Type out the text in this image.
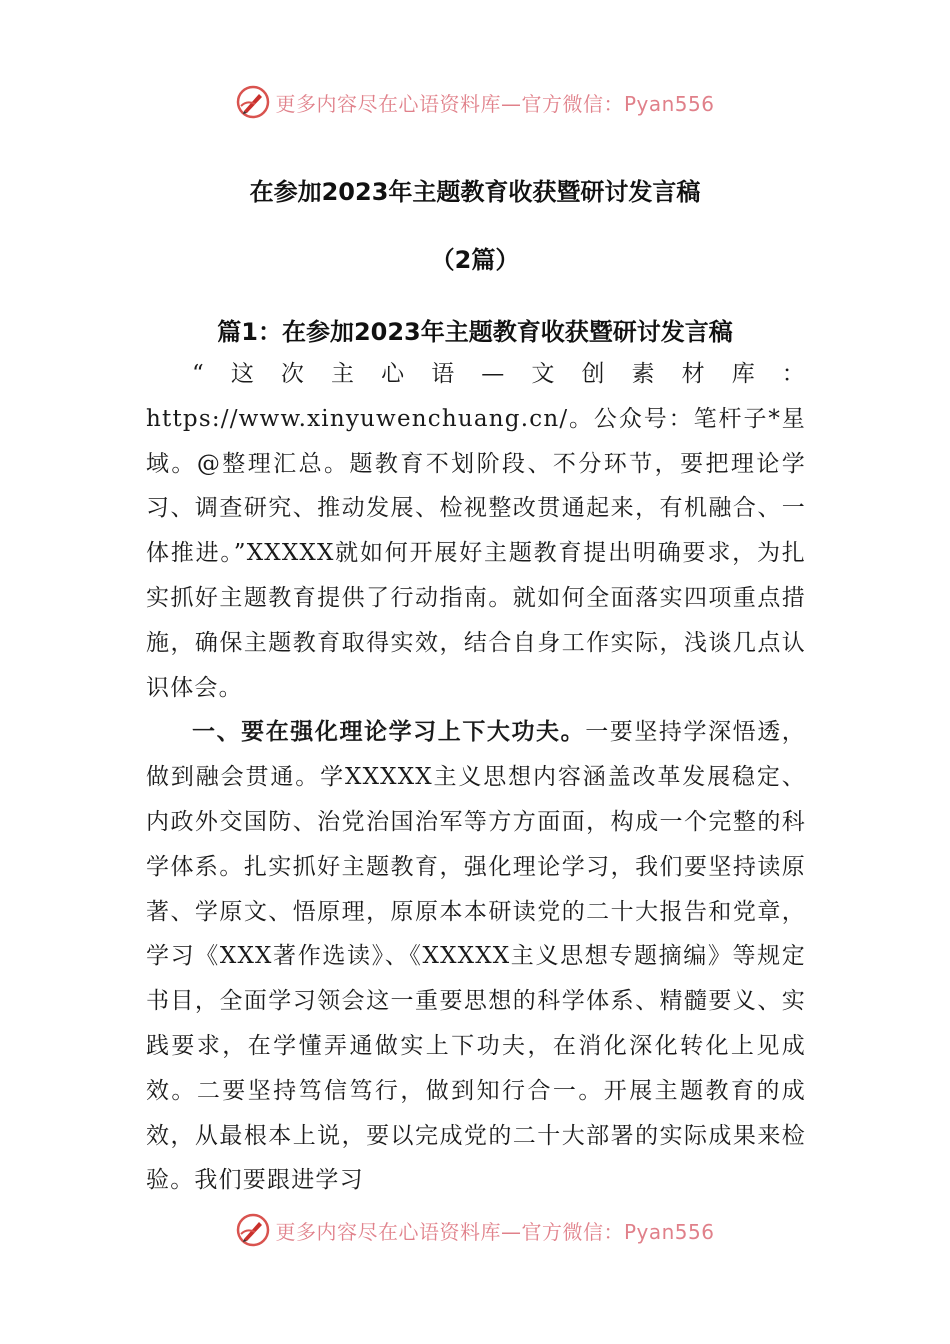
更多内容尽在心语资料库—官方微信：Pyan556
在参加2023年主题教育收获暨研讨发言稿
（2篇）
篇1：在参加2023年主题教育收获暨研讨发言稿

“这次主心语—文创素材库：https://www.xinyuwenchuang.cn/。公众号：笔杆子*星域。@整理汇总。题教育不划阶段、不分环节，要把理论学习、调查研究、推动发展、检视整改贯通起来，有机融合、一体推进。”XXXXX就如何开展好主题教育提出明确要求，为扎实抓好主题教育提供了行动指南。就如何全面落实四项重点措施，确保主题教育取得实效，结合自身工作实际，浅谈几点认识体会。

一、要在强化理论学习上下大功夫。一要坚持学深悟透，做到融会贯通。学XXXXX主义思想内容涵盖改革发展稳定、内政外交国防、治党治国治军等方方面面，构成一个完整的科学体系。扎实抓好主题教育，强化理论学习，我们要坚持读原著、学原文、悟原理，原原本本研读党的二十大报告和党章，学习《XXX著作选读》、《XXXXX主义思想专题摘编》等规定书目，全面学习领会这一重要思想的科学体系、精髓要义、实践要求，在学懂弄通做实上下功夫，在消化深化转化上见成效。二要坚持笃信笃行，做到知行合一。开展主题教育的成效，从最根本上说，要以完成党的二十大部署的实际成果来检验。我们要跟进学习

更多内容尽在心语资料库—官方微信：Pyan556
